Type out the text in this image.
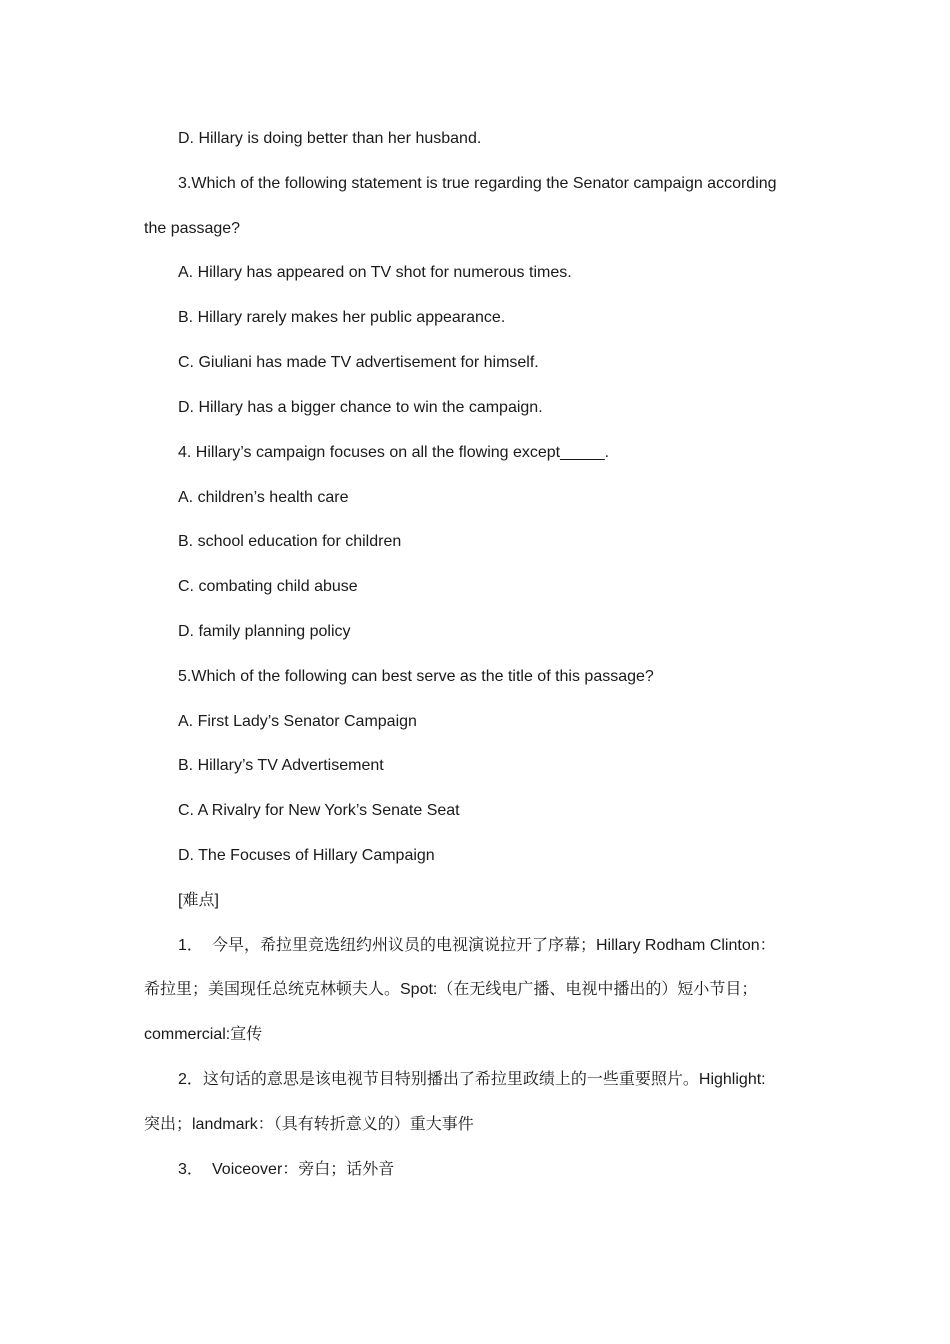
D. Hillary is doing better than her husband.
3.Which of the following statement is true regarding the Senator campaign according
the passage?
A. Hillary has appeared on TV shot for numerous times.
B. Hillary rarely makes her public appearance.
C. Giuliani has made TV advertisement for himself.
D. Hillary has a bigger chance to win the campaign.
4. Hillary’s campaign focuses on all the flowing except_____.
A. children’s health care
B. school education for children
C. combating child abuse
D. family planning policy
5.Which of the following can best serve as the title of this passage?
A. First Lady’s Senator Campaign
B. Hillary’s TV Advertisement
C. A Rivalry for New York’s Senate Seat
D. The Focuses of Hillary Campaign
[难点]
1． 今早，希拉里竞选纽约州议员的电视演说拉开了序幕；Hillary Rodham Clinton：
希拉里；美国现任总统克林顿夫人。Spot:（在无线电广播、电视中播出的）短小节目；
commercial:宣传
2．这句话的意思是该电视节目特别播出了希拉里政绩上的一些重要照片。Highlight:
突出；landmark：（具有转折意义的）重大事件
3． Voiceover：旁白；话外音
